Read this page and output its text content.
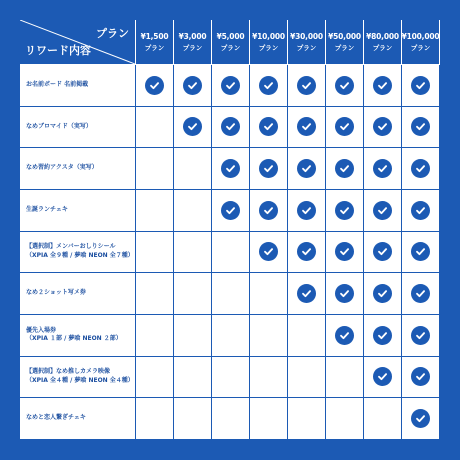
プラン
リワード内容
¥1,500
プラン
¥3,000
プラン
¥5,000
プラン
¥10,000
プラン
¥30,000
プラン
¥50,000
プラン
¥80,000
プラン
¥100,000
プラン
お名前ボード 名前掲載
なめブロマイド（実写）
なめ習約アクスタ（実写）
生誕ランチェキ
【選択制】メンバーおしりシール
（XPIA 全９種 / 夢喰 NEON 全７種）
なめ２ショット写メ券
優先入場券
（XPIA １部 / 夢喰 NEON ２部）
【選択制】なめ推しカメラ映像
（XPIA 全４種 / 夢喰 NEON 全４種）
なめと恋人繋ぎチェキ
